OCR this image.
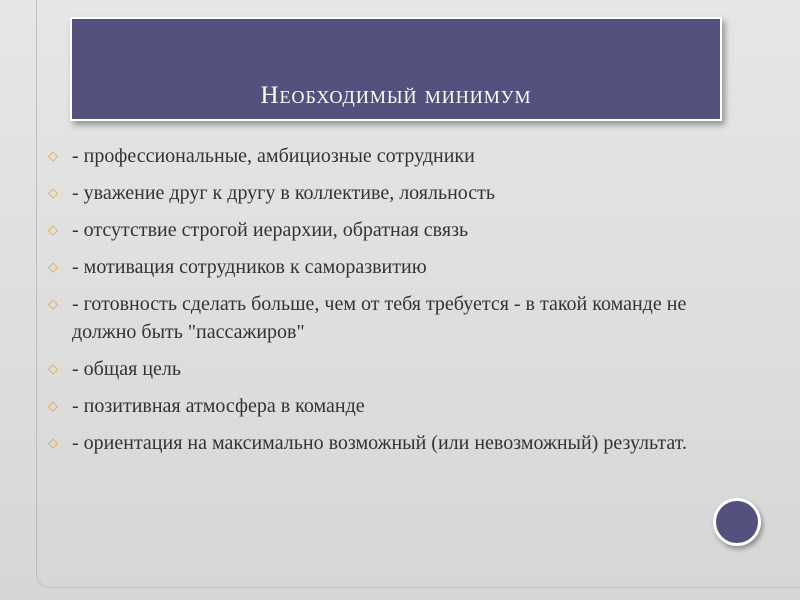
Необходимый минимум
◇ - профессиональные, амбициозные сотрудники
◇ - уважение друг к другу в коллективе, лояльность
◇ - отсутствие строгой иерархии, обратная связь
◇ - мотивация сотрудников к саморазвитию
◇ - готовность сделать больше, чем от тебя требуется - в такой команде не должно быть "пассажиров"
◇ - общая цель
◇ - позитивная атмосфера в команде
◇ - ориентация на максимально возможный (или невозможный) результат.
